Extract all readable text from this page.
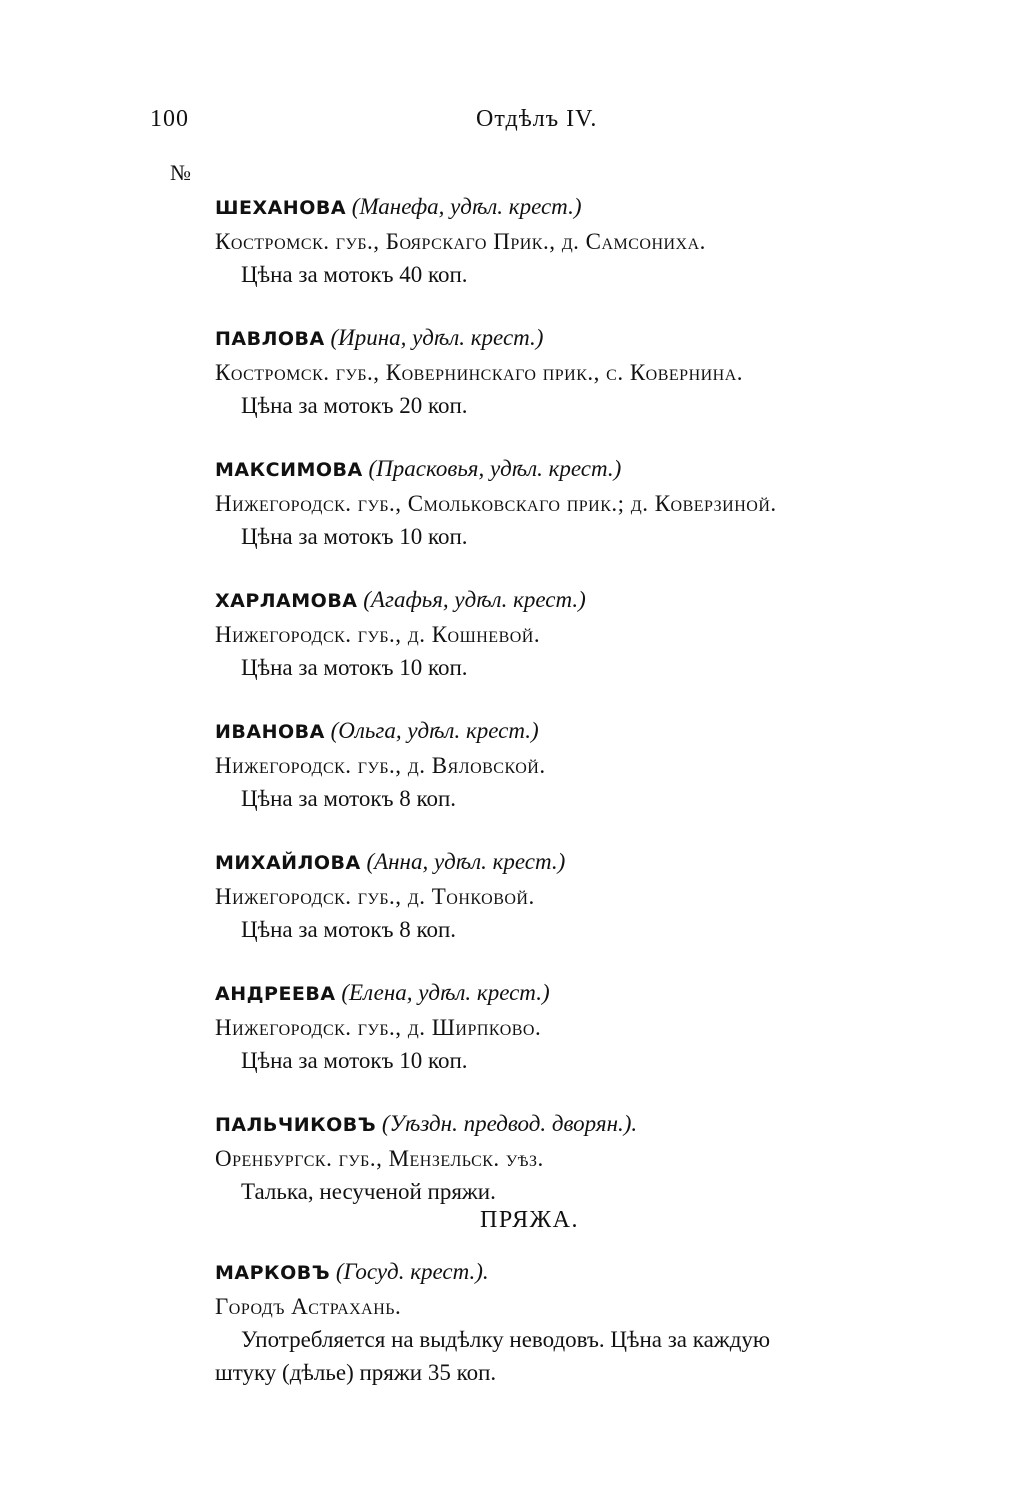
100	Отдѣлъ IV.
№
ШЕХАНОВА (Манефа, удѣл. крест.)
Костромск. губ., Боярскаго Прик., д. Самсониха.
Цѣна за мотокъ 40 коп.
ПАВЛОВА (Ирина, удѣл. крест.)
Костромск. губ., Ковернинскаго прик., с. Ковернина.
Цѣна за мотокъ 20 коп.
МАКСИМОВА (Прасковья, удѣл. крест.)
Нижегородск. губ., Смольковскаго прик.; д. Коверзиной.
Цѣна за мотокъ 10 коп.
ХАРЛАМОВА (Агафья, удѣл. крест.)
Нижегородск. губ., д. Кошневой.
Цѣна за мотокъ 10 коп.
ИВАНОВА (Ольга, удѣл. крест.)
Нижегородск. губ., д. Вяловской.
Цѣна за мотокъ 8 коп.
МИХАЙЛОВА (Анна, удѣл. крест.)
Нижегородск. губ., д. Тонковой.
Цѣна за мотокъ 8 коп.
АНДРЕЕВА (Елена, удѣл. крест.)
Нижегородск. губ., д. Ширпково.
Цѣна за мотокъ 10 коп.
ПАЛЬЧИКОВЪ (Уѣздн. предвод. дворян.).
Оренбургск. губ., Мензельск. уѣз.
Талька, несученой пряжи.
ПРЯЖА.
МАРКОВЪ (Госуд. крест.).
Городъ Астрахань.
Употребляется на выдѣлку неводовъ. Цѣна за каждую
штуку (дѣлье) пряжи 35 коп.
